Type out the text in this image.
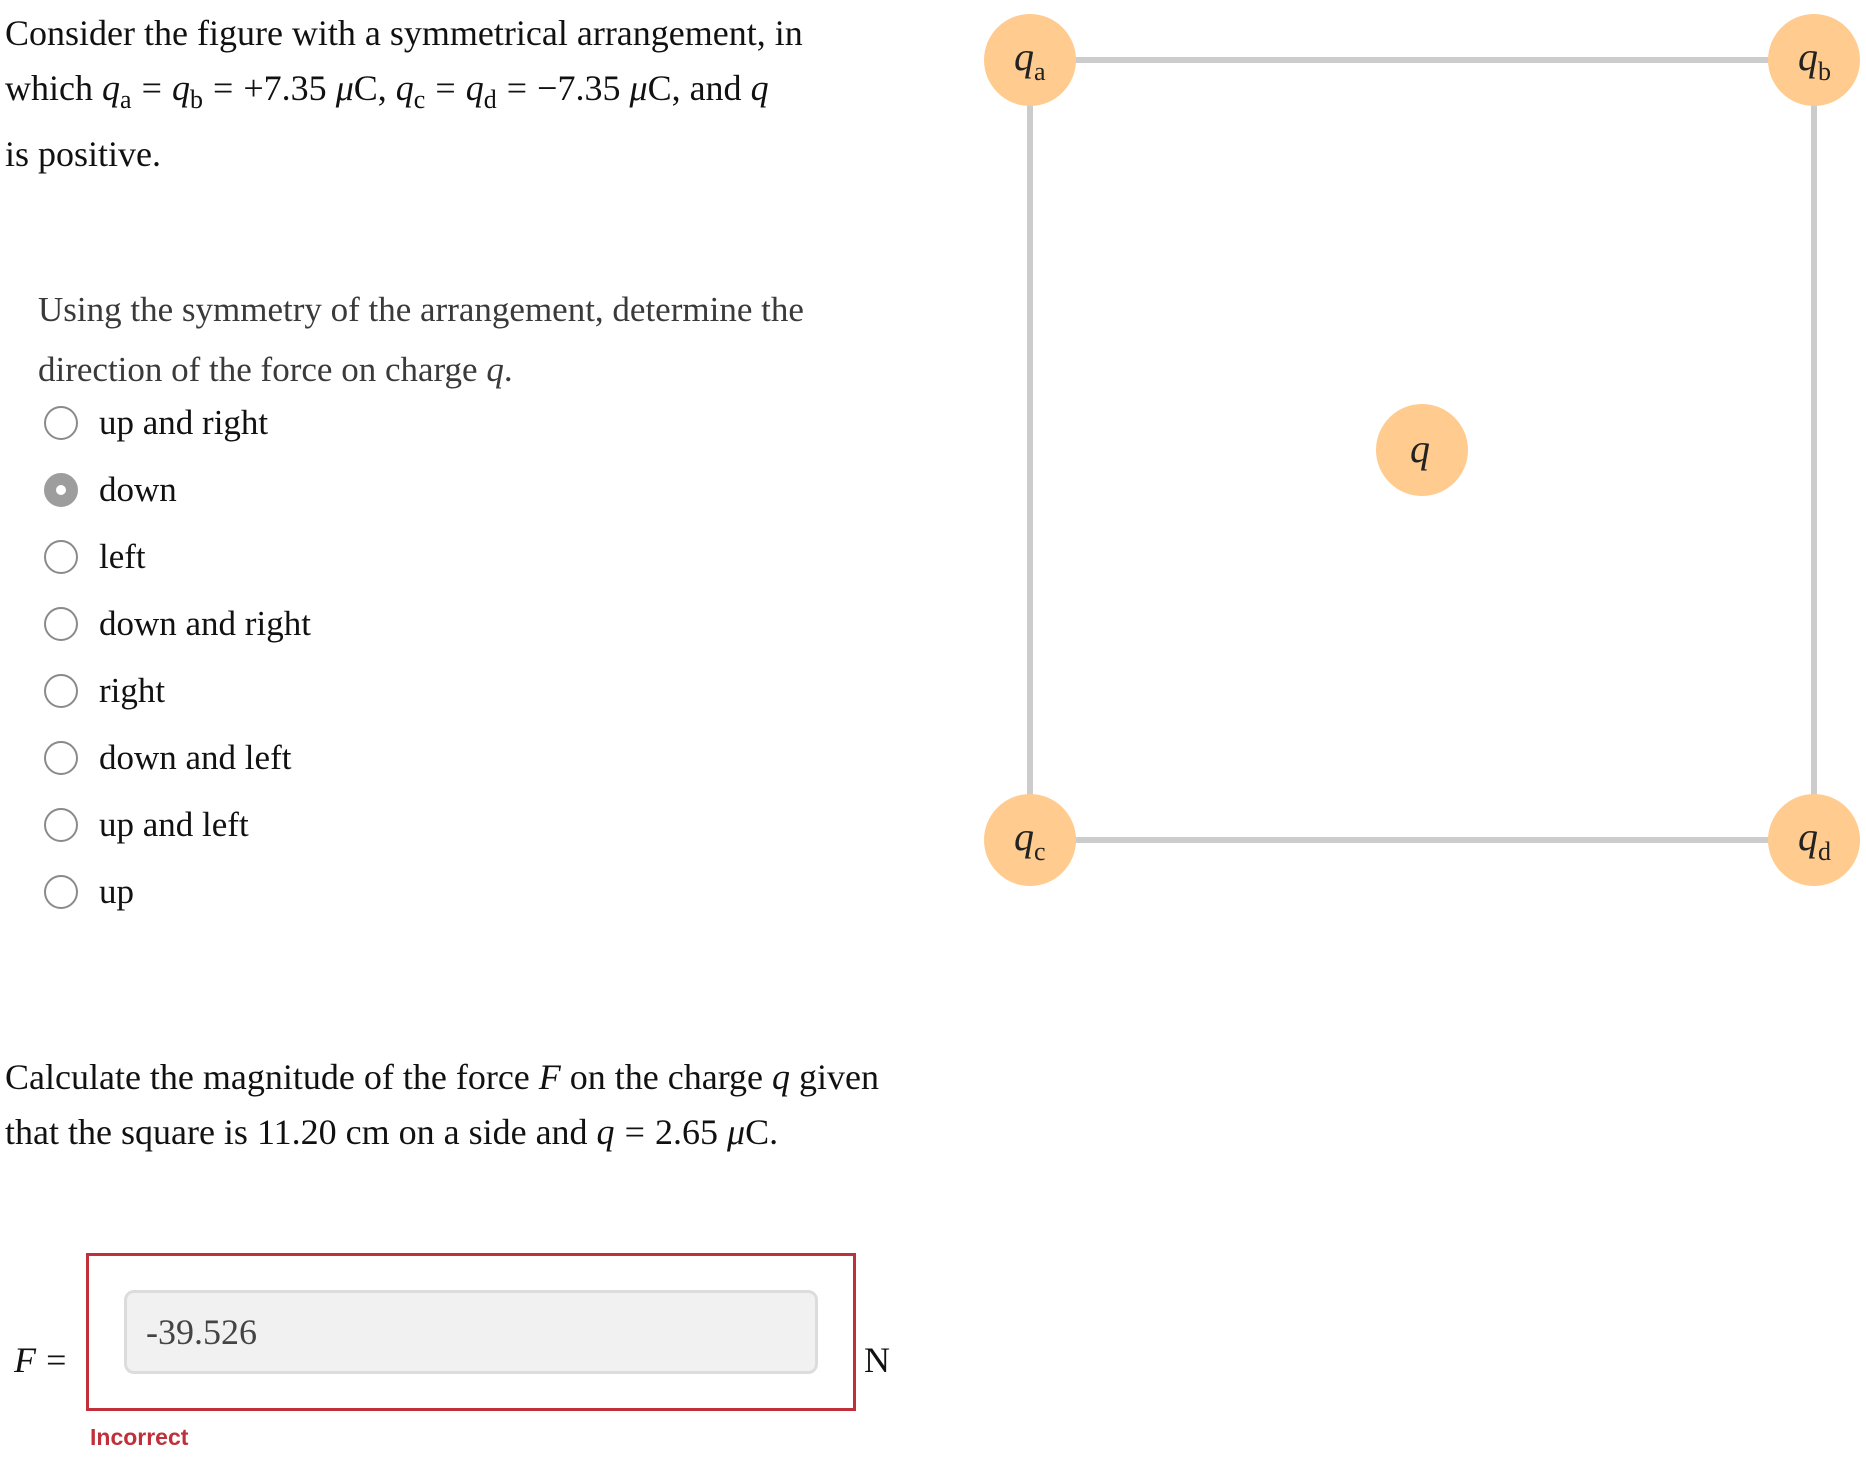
Consider the figure with a symmetrical arrangement, in
which $q_a = q_b = +7.35$ μC, $q_c = q_d = -7.35$ μC, and q
is positive.
Using the symmetry of the arrangement, determine the
direction of the force on charge q.
up and right
down
left
down and right
right
down and left
up and left
up
Calculate the magnitude of the force F on the charge q given
that the square is 11.20 cm on a side and q = 2.65 μC.
F =
-39.526	N
Incorrect
$q_a$	$q_b$
$q_c$	$q_d$
q
